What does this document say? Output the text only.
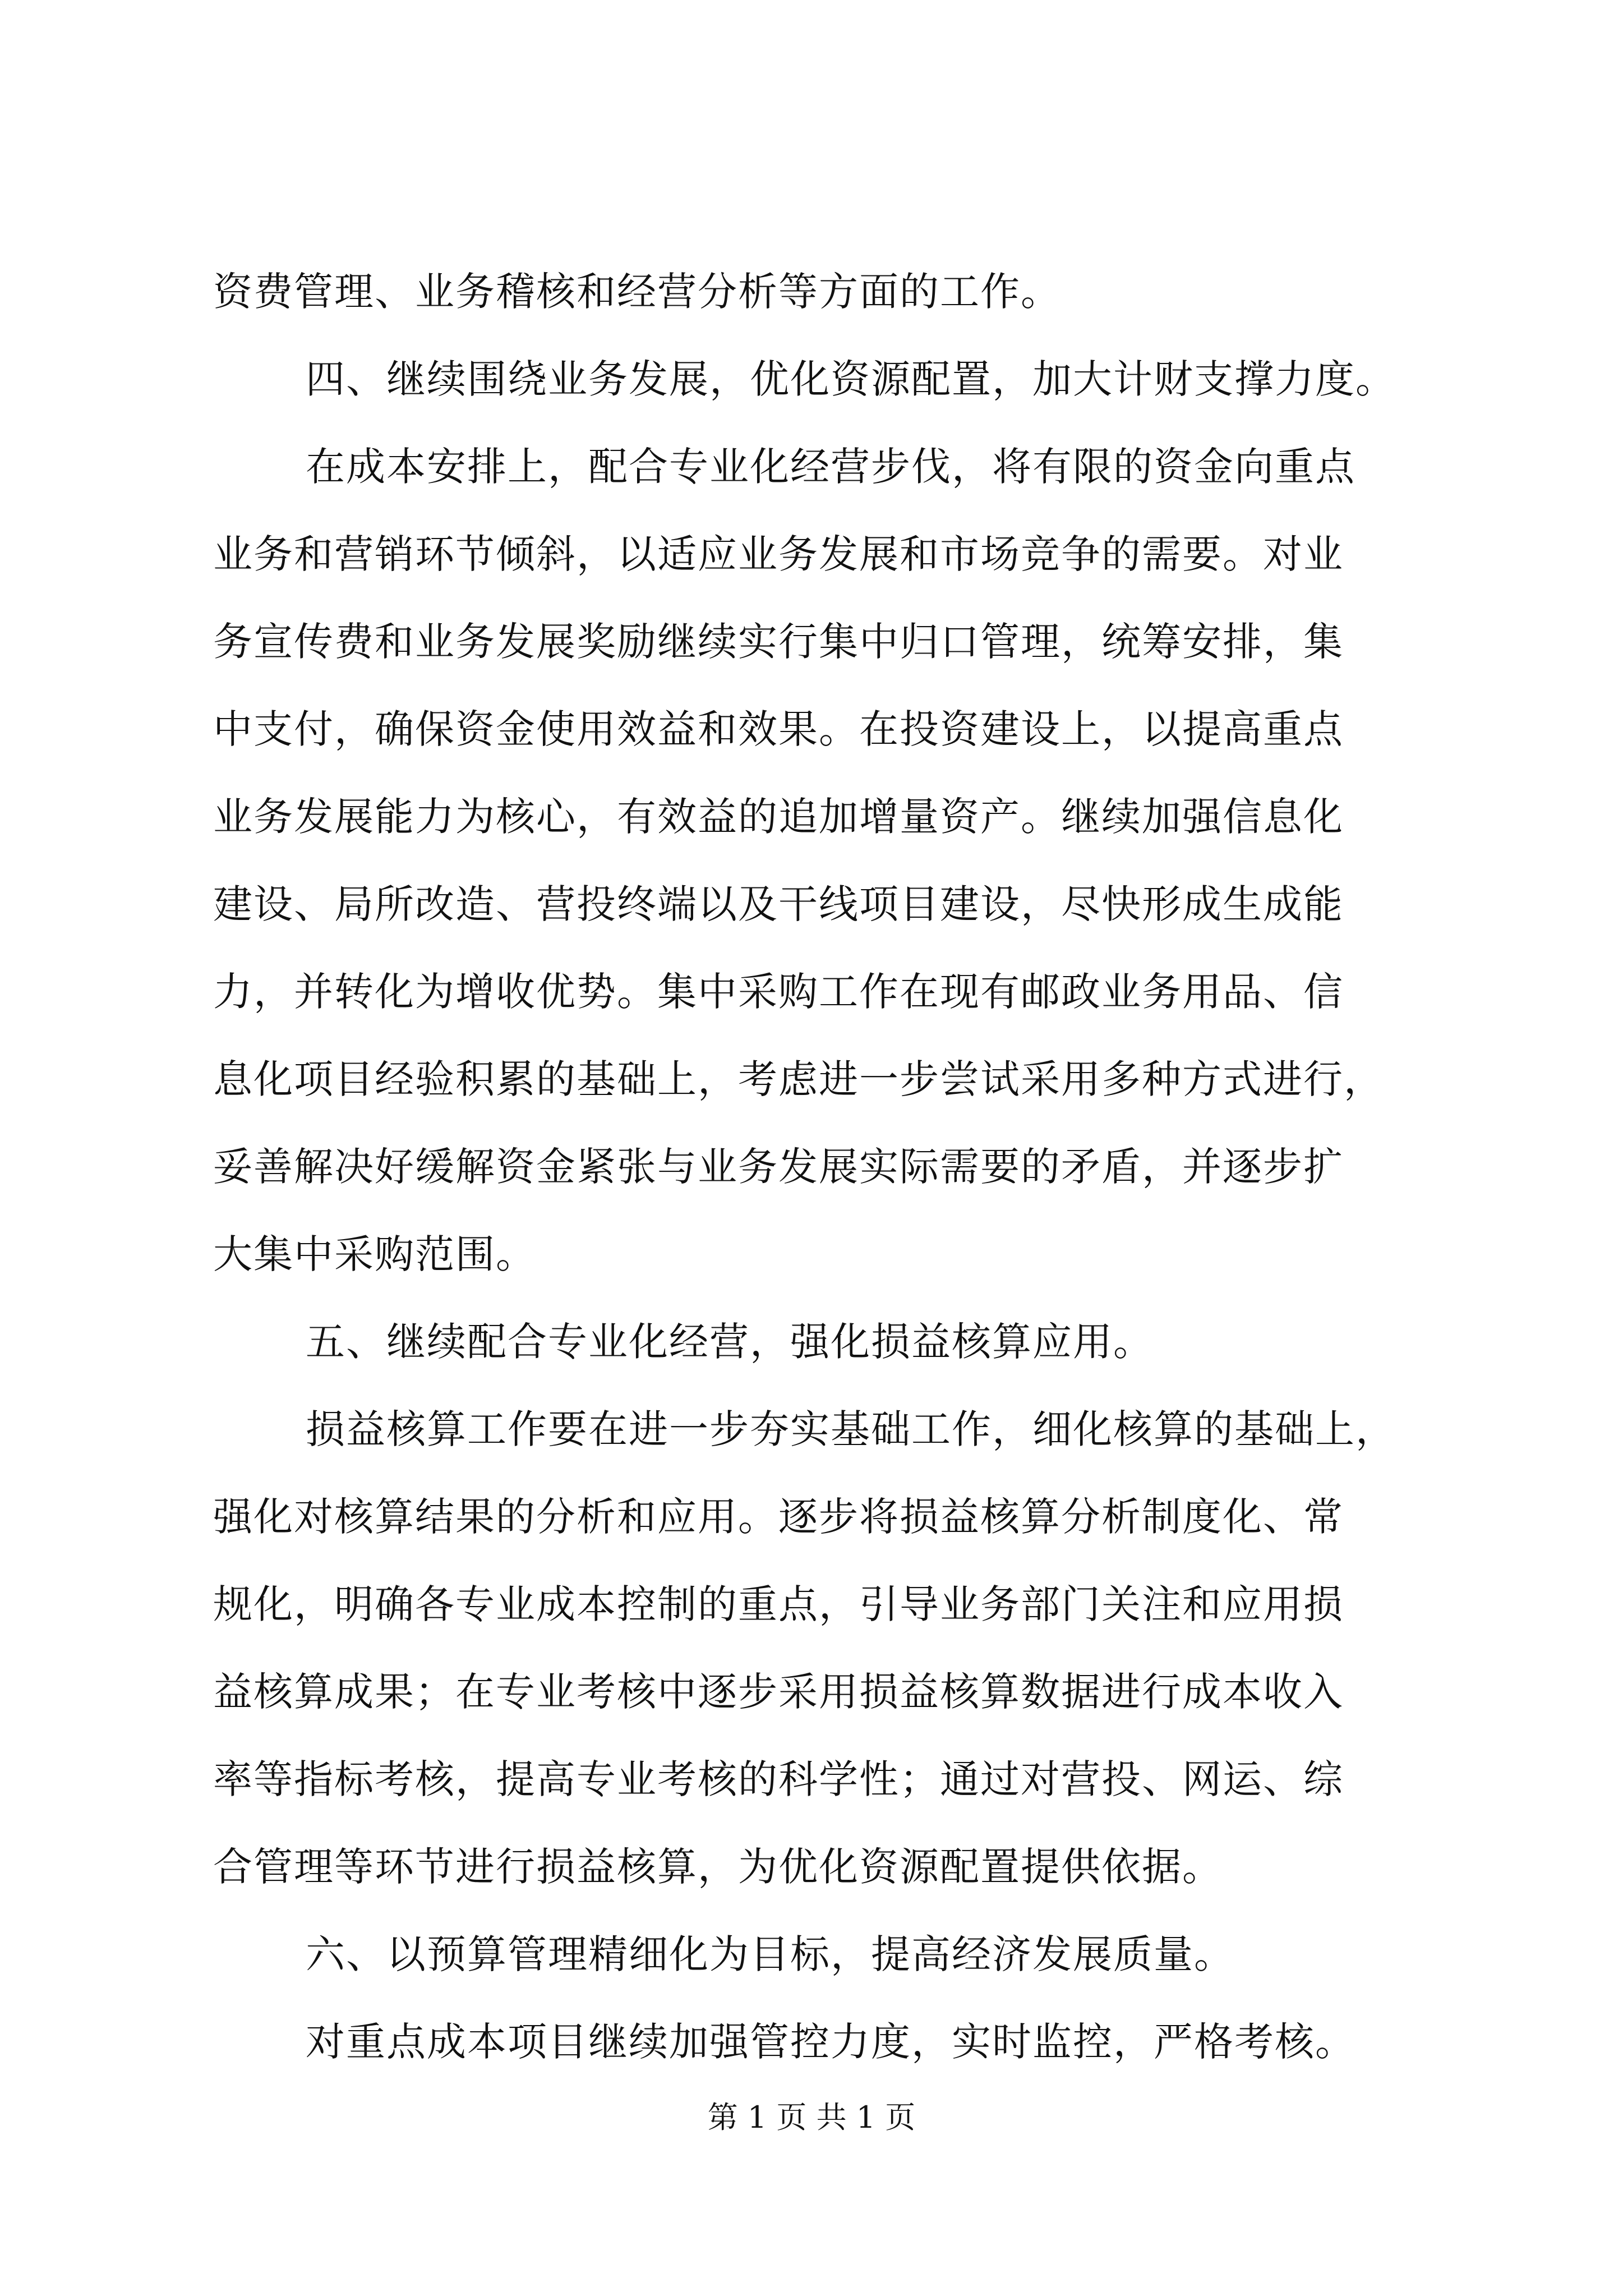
资费管理、业务稽核和经营分析等方面的工作。
四、继续围绕业务发展，优化资源配置，加大计财支撑力度。
在成本安排上，配合专业化经营步伐，将有限的资金向重点
业务和营销环节倾斜，以适应业务发展和市场竞争的需要。对业
务宣传费和业务发展奖励继续实行集中归口管理，统筹安排，集
中支付，确保资金使用效益和效果。在投资建设上，以提高重点
业务发展能力为核心，有效益的追加增量资产。继续加强信息化
建设、局所改造、营投终端以及干线项目建设，尽快形成生成能
力，并转化为增收优势。集中采购工作在现有邮政业务用品、信
息化项目经验积累的基础上，考虑进一步尝试采用多种方式进行，
妥善解决好缓解资金紧张与业务发展实际需要的矛盾，并逐步扩
大集中采购范围。
五、继续配合专业化经营，强化损益核算应用。
损益核算工作要在进一步夯实基础工作，细化核算的基础上，
强化对核算结果的分析和应用。逐步将损益核算分析制度化、常
规化，明确各专业成本控制的重点，引导业务部门关注和应用损
益核算成果；在专业考核中逐步采用损益核算数据进行成本收入
率等指标考核，提高专业考核的科学性；通过对营投、网运、综
合管理等环节进行损益核算，为优化资源配置提供依据。
第 1 页 共 1 页
六、以预算管理精细化为目标，提高经济发展质量。
对重点成本项目继续加强管控力度，实时监控，严格考核。
